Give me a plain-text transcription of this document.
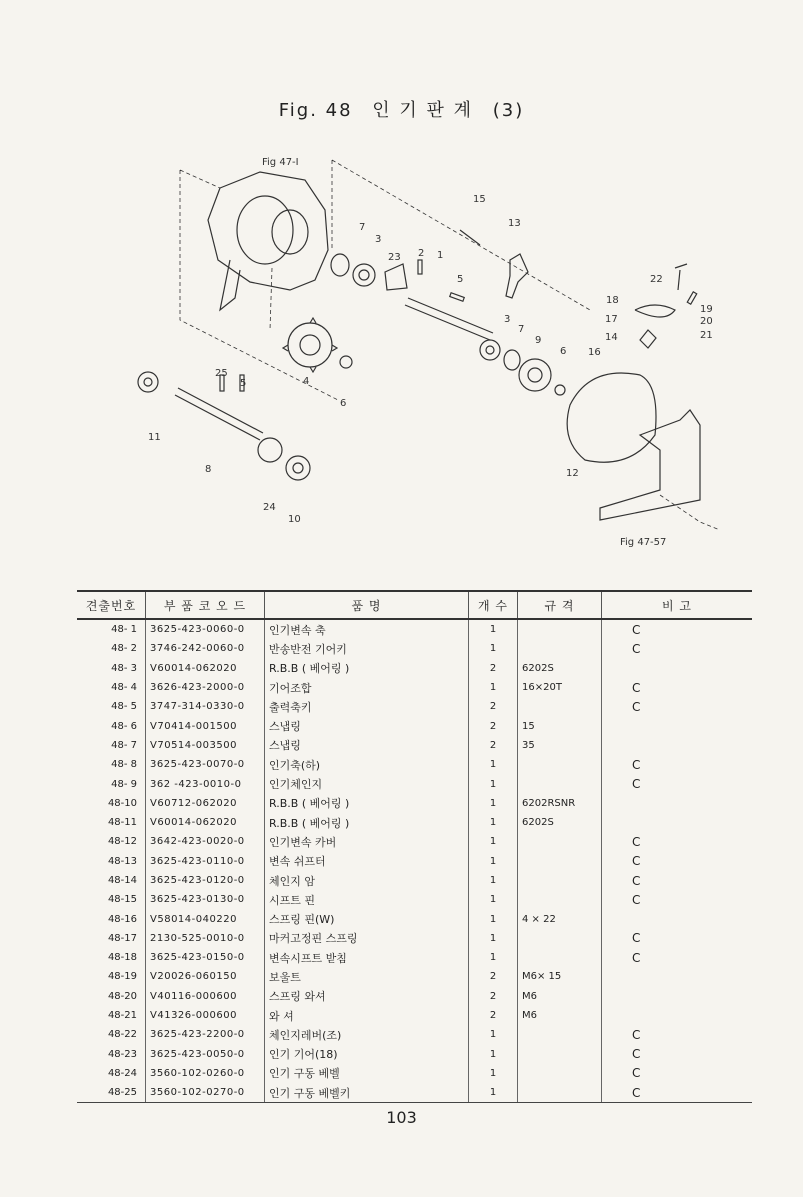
Fig. 48 인 기 판 계 (3)
Fig 47-I
Fig 47-57
15
13
7
3
23 2 1
5	22
18
19
20
17
21
14
16
3
7
9
6
25
5	4
6
11
8	12
24
10
견출번호	부 품 코 오 드	품 명	개 수	규 격	비 고
48- 1	3625-423-0060-0	인기변속 축	1		C
48- 2	3746-242-0060-0	반송반전 기어키	1		C
48- 3	V60014-062020	R.B.B ( 베어링 )	2	6202S	
48- 4	3626-423-2000-0	기어조합	1	16×20T	C
48- 5	3747-314-0330-0	출력축키	2		C
48- 6	V70414-001500	스냅링	2	15	
48- 7	V70514-003500	스냅링	2	35	
48- 8	3625-423-0070-0	인기축(하)	1		C
48- 9	362 -423-0010-0	인기체인지	1		C
48-10	V60712-062020	R.B.B ( 베어링 )	1	6202RSNR	
48-11	V60014-062020	R.B.B ( 베어링 )	1	6202S	
48-12	3642-423-0020-0	인기변속 카버	1		C
48-13	3625-423-0110-0	변속 쉬프터	1		C
48-14	3625-423-0120-0	체인지 암	1		C
48-15	3625-423-0130-0	시프트 핀	1		C
48-16	V58014-040220	스프링 핀(W)	1	4 × 22	
48-17	2130-525-0010-0	마커고정핀 스프링	1		C
48-18	3625-423-0150-0	변속시프트 받침	1		C
48-19	V20026-060150	보울트	2	M6× 15	
48-20	V40116-000600	스프링 와셔	2	M6	
48-21	V41326-000600	와 셔	2	M6	
48-22	3625-423-2200-0	체인지레버(조)	1		C
48-23	3625-423-0050-0	인기 기어(18)	1		C
48-24	3560-102-0260-0	인기 구동 베벨	1		C
48-25	3560-102-0270-0	인기 구동 베벨키	1		C
103
